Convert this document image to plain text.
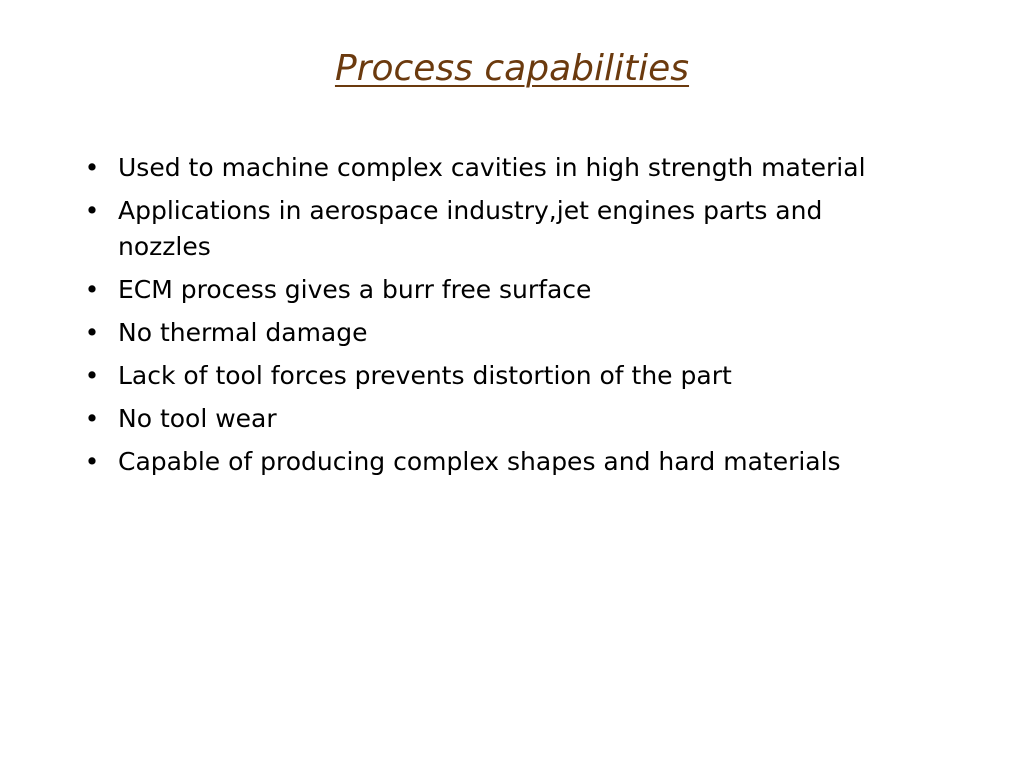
Process capabilities
• Used to machine complex cavities in high strength material
• Applications in aerospace industry,jet engines parts and nozzles
• ECM process gives a burr free surface
• No thermal damage
• Lack of tool forces prevents distortion of the part
• No tool wear
• Capable of producing complex shapes and hard materials
